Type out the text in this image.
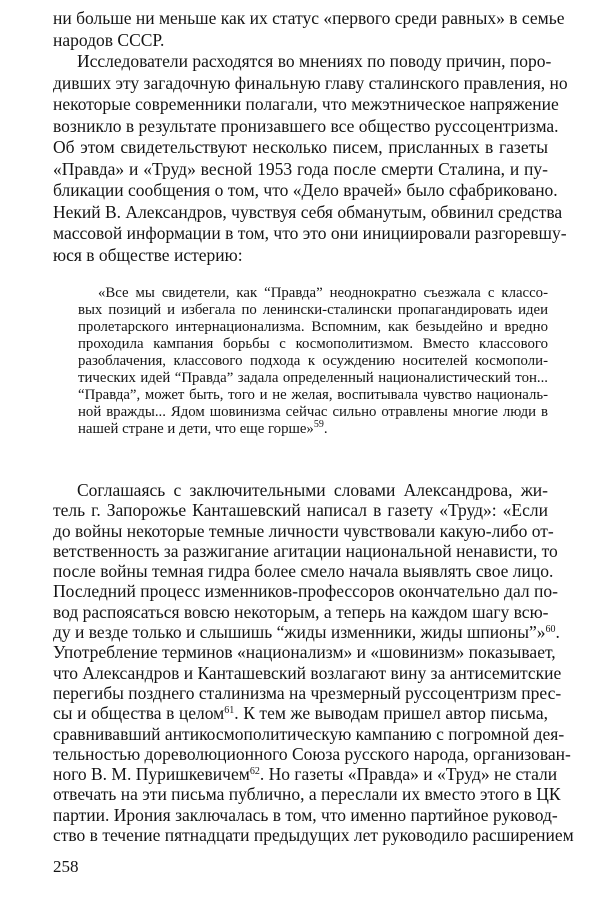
ни больше ни меньше как их статус «первого среди равных» в семье
народов СССР.
Исследователи расходятся во мнениях по поводу причин, поро-
дивших эту загадочную финальную главу сталинского правления, но
некоторые современники полагали, что межэтническое напряжение
возникло в результате пронизавшего все общество руссоцентризма.
Об этом свидетельствуют несколько писем, присланных в газеты
«Правда» и «Труд» весной 1953 года после смерти Сталина, и пу-
бликации сообщения о том, что «Дело врачей» было сфабриковано.
Некий В. Александров, чувствуя себя обманутым, обвинил средства
массовой информации в том, что это они инициировали разгоревшу-
юся в обществе истерию:
«Все мы свидетели, как “Правда” неоднократно съезжала с классо-
вых позиций и избегала по ленински-сталински пропагандировать идеи
пролетарского интернационализма. Вспомним, как безыдейно и вредно
проходила кампания борьбы с космополитизмом. Вместо классового
разоблачения, классового подхода к осуждению носителей космополи-
тических идей “Правда” задала определенный националистический тон...
“Правда”, может быть, того и не желая, воспитывала чувство националь-
ной вражды... Ядом шовинизма сейчас сильно отравлены многие люди в
нашей стране и дети, что еще горше»$^{59}$.
Соглашаясь с заключительными словами Александрова, жи-
тель г. Запорожье Канташевский написал в газету «Труд»: «Если
до войны некоторые темные личности чувствовали какую-либо от-
ветственность за разжигание агитации национальной ненависти, то
после войны темная гидра более смело начала выявлять свое лицо.
Последний процесс изменников-профессоров окончательно дал по-
вод распоясаться вовсю некоторым, а теперь на каждом шагу всю-
ду и везде только и слышишь “жиды изменники, жиды шпионы”»$^{60}$.
Употребление терминов «национализм» и «шовинизм» показывает,
что Александров и Канташевский возлагают вину за антисемитские
перегибы позднего сталинизма на чрезмерный руссоцентризм прес-
сы и общества в целом$^{61}$. К тем же выводам пришел автор письма,
сравнивавший антикосмополитическую кампанию с погромной дея-
тельностью дореволюционного Союза русского народа, организован-
ного В. М. Пуришкевичем$^{62}$. Но газеты «Правда» и «Труд» не стали
отвечать на эти письма публично, а переслали их вместо этого в ЦК
партии. Ирония заключалась в том, что именно партийное руковод-
ство в течение пятнадцати предыдущих лет руководило расширением
258
